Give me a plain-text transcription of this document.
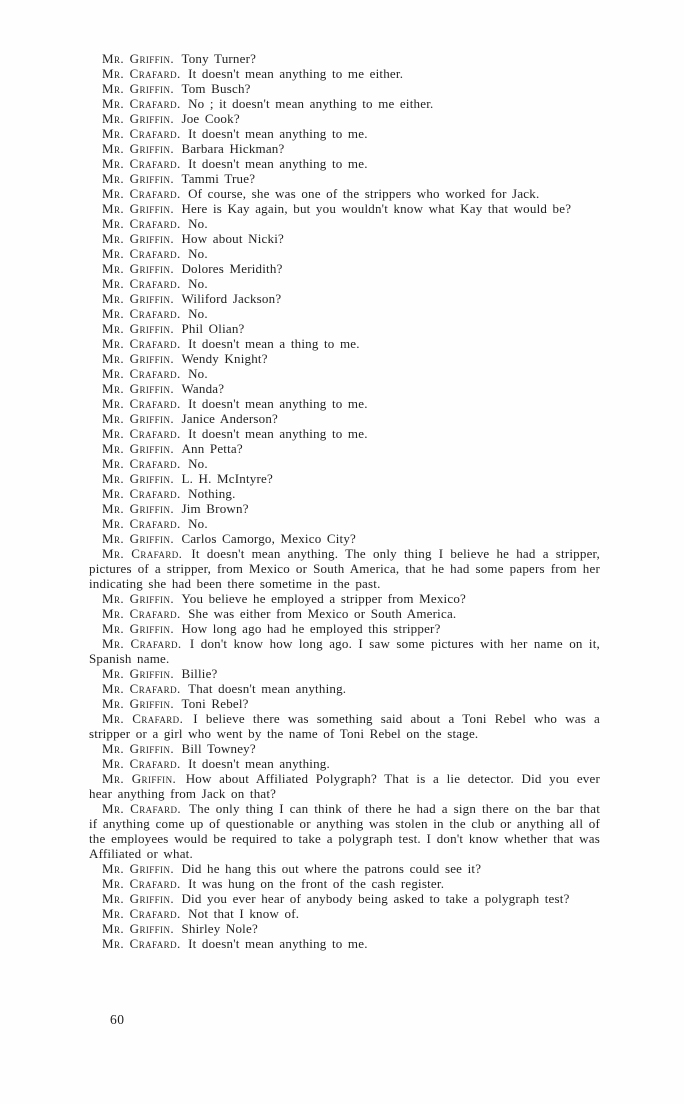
Mr. Griffin. Tony Turner?

Mr. Crafard. It doesn't mean anything to me either.

Mr. Griffin. Tom Busch?

Mr. Crafard. No ; it doesn't mean anything to me either.

Mr. Griffin. Joe Cook?

Mr. Crafard. It doesn't mean anything to me.

Mr. Griffin. Barbara Hickman?

Mr. Crafard. It doesn't mean anything to me.

Mr. Griffin. Tammi True?

Mr. Crafard. Of course, she was one of the strippers who worked for Jack.

Mr. Griffin. Here is Kay again, but you wouldn't know what Kay that would be?

Mr. Crafard. No.

Mr. Griffin. How about Nicki?

Mr. Crafard. No.

Mr. Griffin. Dolores Meridith?

Mr. Crafard. No.

Mr. Griffin. Wiliford Jackson?

Mr. Crafard. No.

Mr. Griffin. Phil Olian?

Mr. Crafard. It doesn't mean a thing to me.

Mr. Griffin. Wendy Knight?

Mr. Crafard. No.

Mr. Griffin. Wanda?

Mr. Crafard. It doesn't mean anything to me.

Mr. Griffin. Janice Anderson?

Mr. Crafard. It doesn't mean anything to me.

Mr. Griffin. Ann Petta?

Mr. Crafard. No.

Mr. Griffin. L. H. McIntyre?

Mr. Crafard. Nothing.

Mr. Griffin. Jim Brown?

Mr. Crafard. No.

Mr. Griffin. Carlos Camorgo, Mexico City?

Mr. Crafard. It doesn't mean anything. The only thing I believe he had a stripper, pictures of a stripper, from Mexico or South America, that he had some papers from her indicating she had been there sometime in the past.

Mr. Griffin. You believe he employed a stripper from Mexico?

Mr. Crafard. She was either from Mexico or South America.

Mr. Griffin. How long ago had he employed this stripper?

Mr. Crafard. I don't know how long ago. I saw some pictures with her name on it, Spanish name.

Mr. Griffin. Billie?

Mr. Crafard. That doesn't mean anything.

Mr. Griffin. Toni Rebel?

Mr. Crafard. I believe there was something said about a Toni Rebel who was a stripper or a girl who went by the name of Toni Rebel on the stage.

Mr. Griffin. Bill Towney?

Mr. Crafard. It doesn't mean anything.

Mr. Griffin. How about Affiliated Polygraph? That is a lie detector. Did you ever hear anything from Jack on that?

Mr. Crafard. The only thing I can think of there he had a sign there on the bar that if anything come up of questionable or anything was stolen in the club or anything all of the employees would be required to take a polygraph test. I don't know whether that was Affiliated or what.

Mr. Griffin. Did he hang this out where the patrons could see it?

Mr. Crafard. It was hung on the front of the cash register.

Mr. Griffin. Did you ever hear of anybody being asked to take a polygraph test?

Mr. Crafard. Not that I know of.

Mr. Griffin. Shirley Nole?

Mr. Crafard. It doesn't mean anything to me.

60
